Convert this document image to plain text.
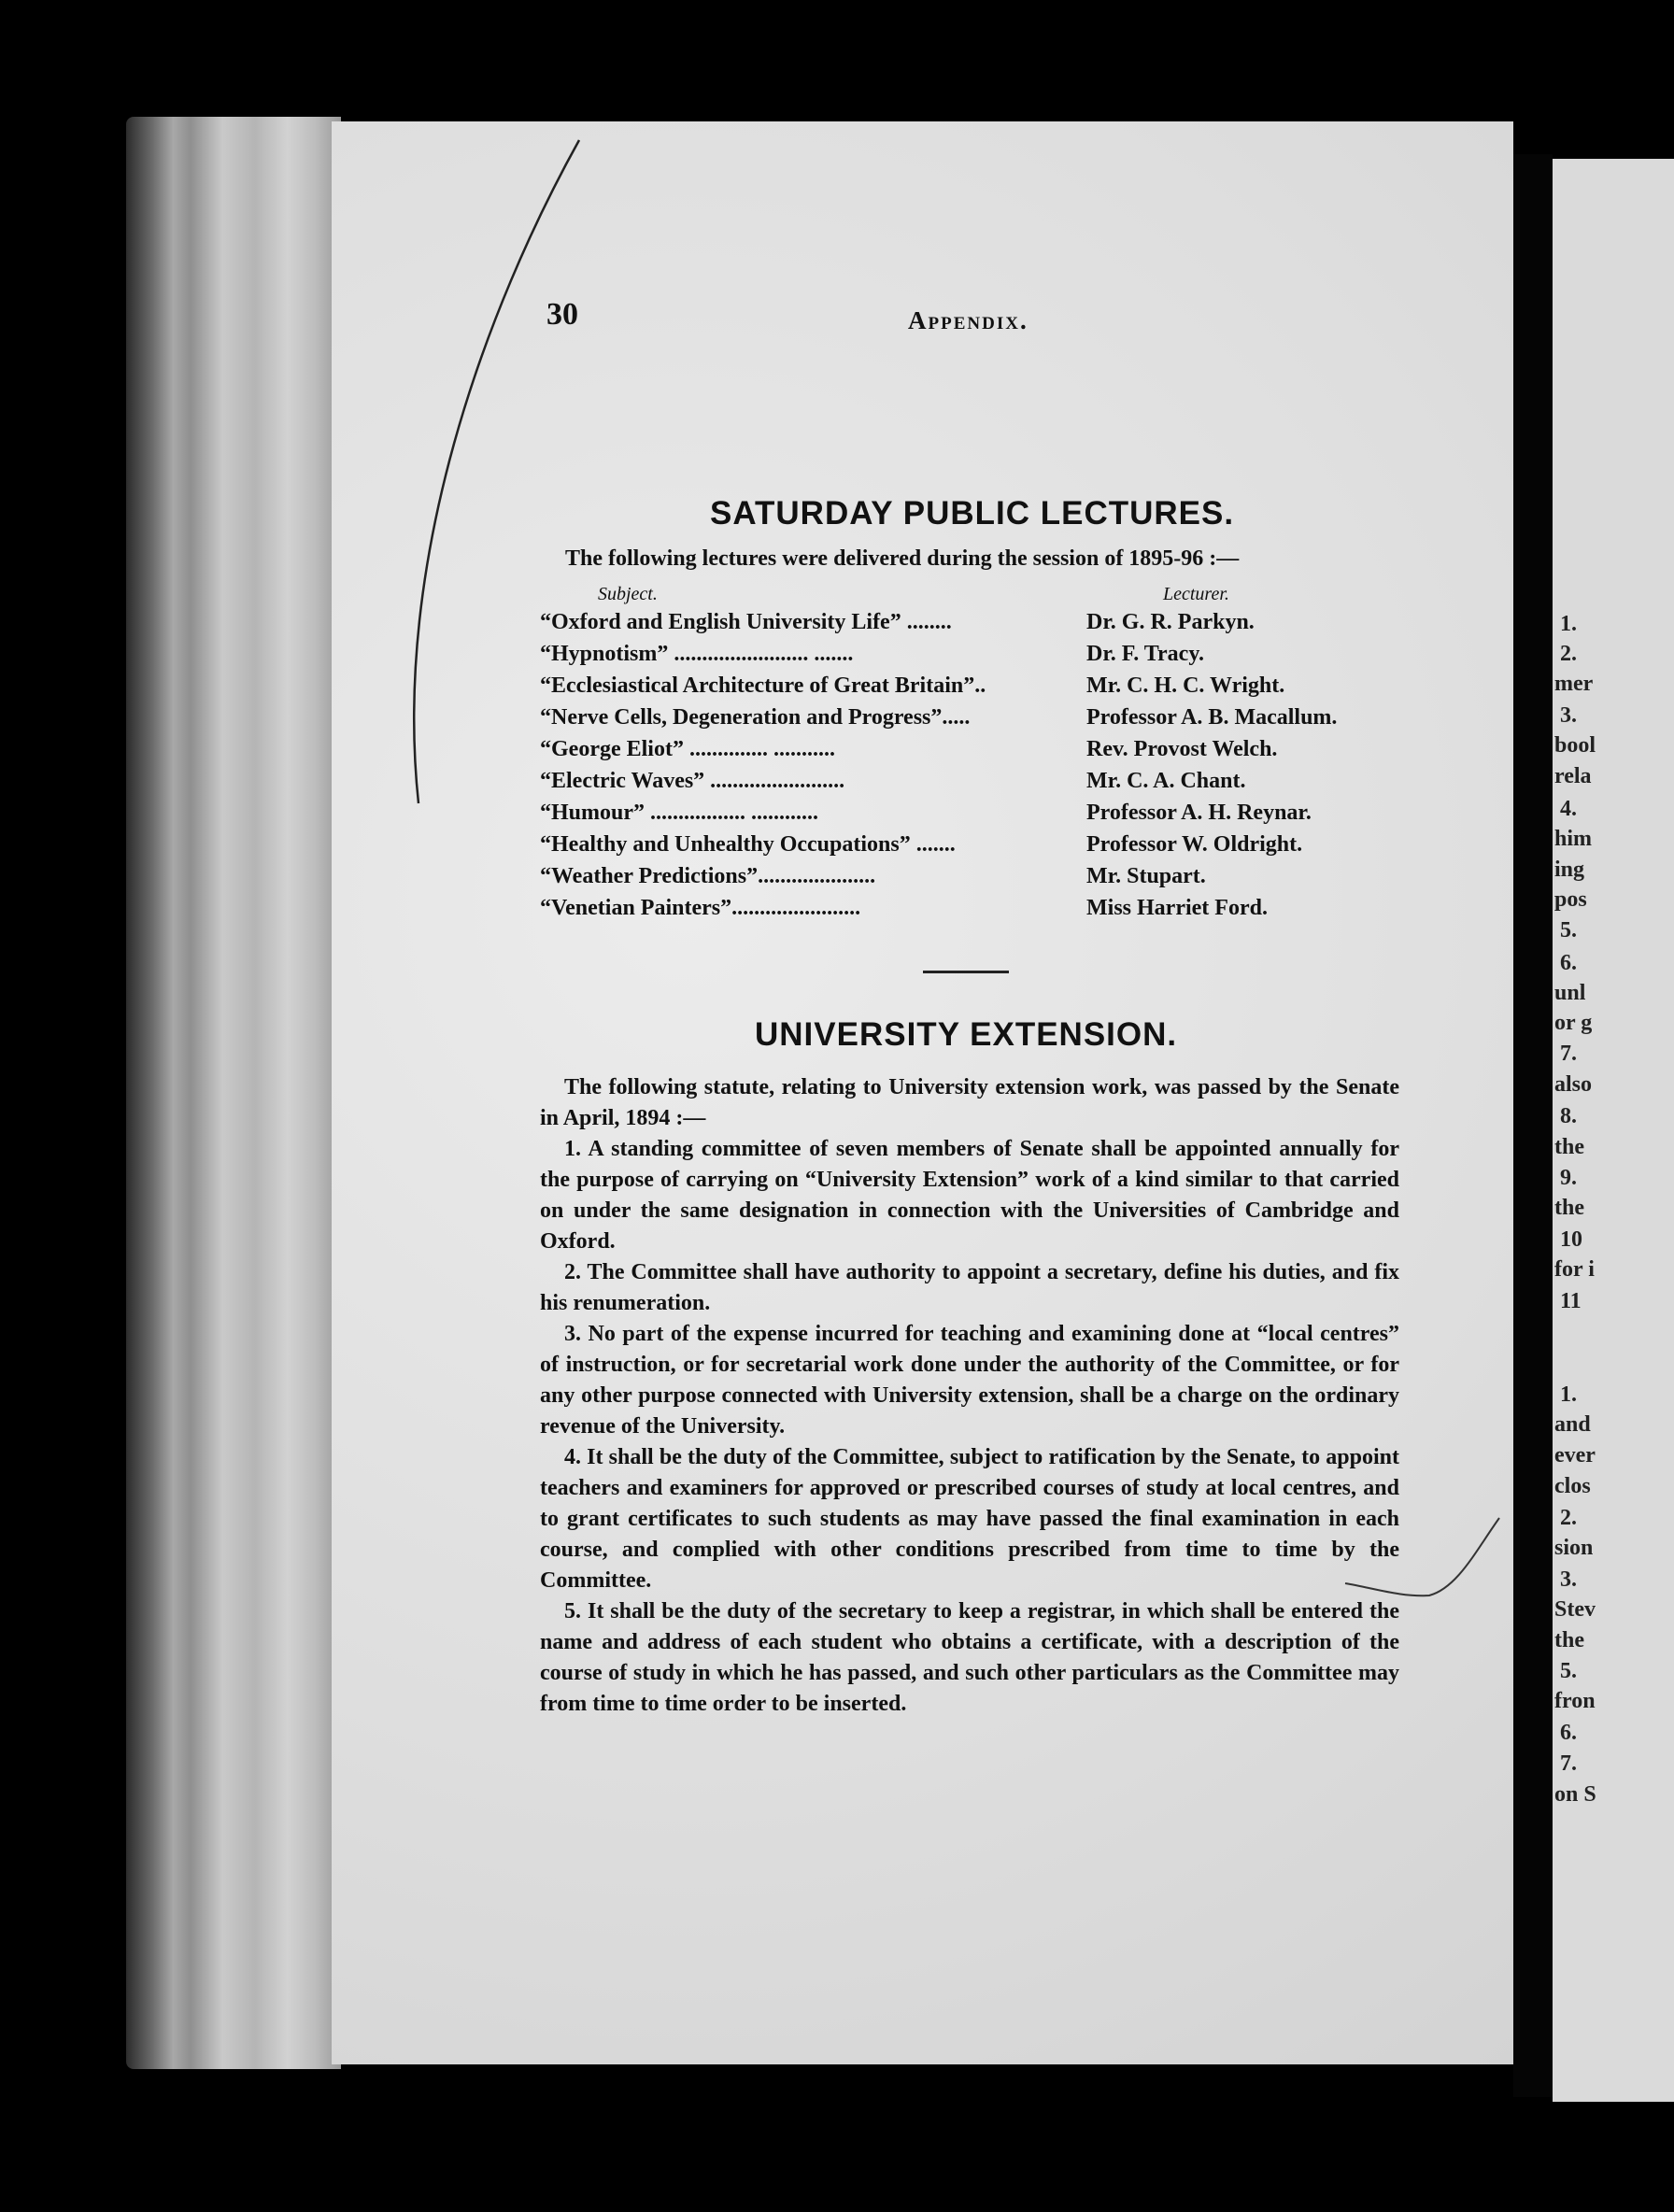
1.
2.
mer
3.
bool
rela
4.
him
ing
pos
5.
6.
unl
or g
7.
also
8.
the
9.
the
10
for i
11
1.
and
ever
clos
2.
sion
3.
Stev
the
5.
fron
6.
7.
on S
30	Appendix.
SATURDAY PUBLIC LECTURES.
The following lectures were delivered during the session of 1895-96 :—
Subject.	Lecturer.
“Oxford and English University Life” ........	Dr. G. R. Parkyn.
“Hypnotism” ........................ .......	Dr. F. Tracy.
“Ecclesiastical Architecture of Great Britain”..	Mr. C. H. C. Wright.
“Nerve Cells, Degeneration and Progress”.....	Professor A. B. Macallum.
“George Eliot” .............. ...........	Rev. Provost Welch.
“Electric Waves” ........................	Mr. C. A. Chant.
“Humour” ................. ............	Professor A. H. Reynar.
“Healthy and Unhealthy Occupations” .......	Professor W. Oldright.
“Weather Predictions”.....................	Mr. Stupart.
“Venetian Painters”.......................	Miss Harriet Ford.
UNIVERSITY EXTENSION.

The following statute, relating to University extension work, was passed by the Senate in April, 1894 :—

1. A standing committee of seven members of Senate shall be appointed annually for the purpose of carrying on “University Extension” work of a kind similar to that carried on under the same designation in connection with the Universities of Cambridge and Oxford.

2. The Committee shall have authority to appoint a secretary, define his duties, and fix his renumeration.

3. No part of the expense incurred for teaching and examining done at “local centres” of instruction, or for secretarial work done under the authority of the Committee, or for any other purpose connected with University extension, shall be a charge on the ordinary revenue of the University.

4. It shall be the duty of the Committee, subject to ratification by the Senate, to appoint teachers and examiners for approved or prescribed courses of study at local centres, and to grant certificates to such students as may have passed the final examination in each course, and complied with other conditions prescribed from time to time by the Committee.

5. It shall be the duty of the secretary to keep a registrar, in which shall be entered the name and address of each student who obtains a certificate, with a description of the course of study in which he has passed, and such other particulars as the Committee may from time to time order to be inserted.
